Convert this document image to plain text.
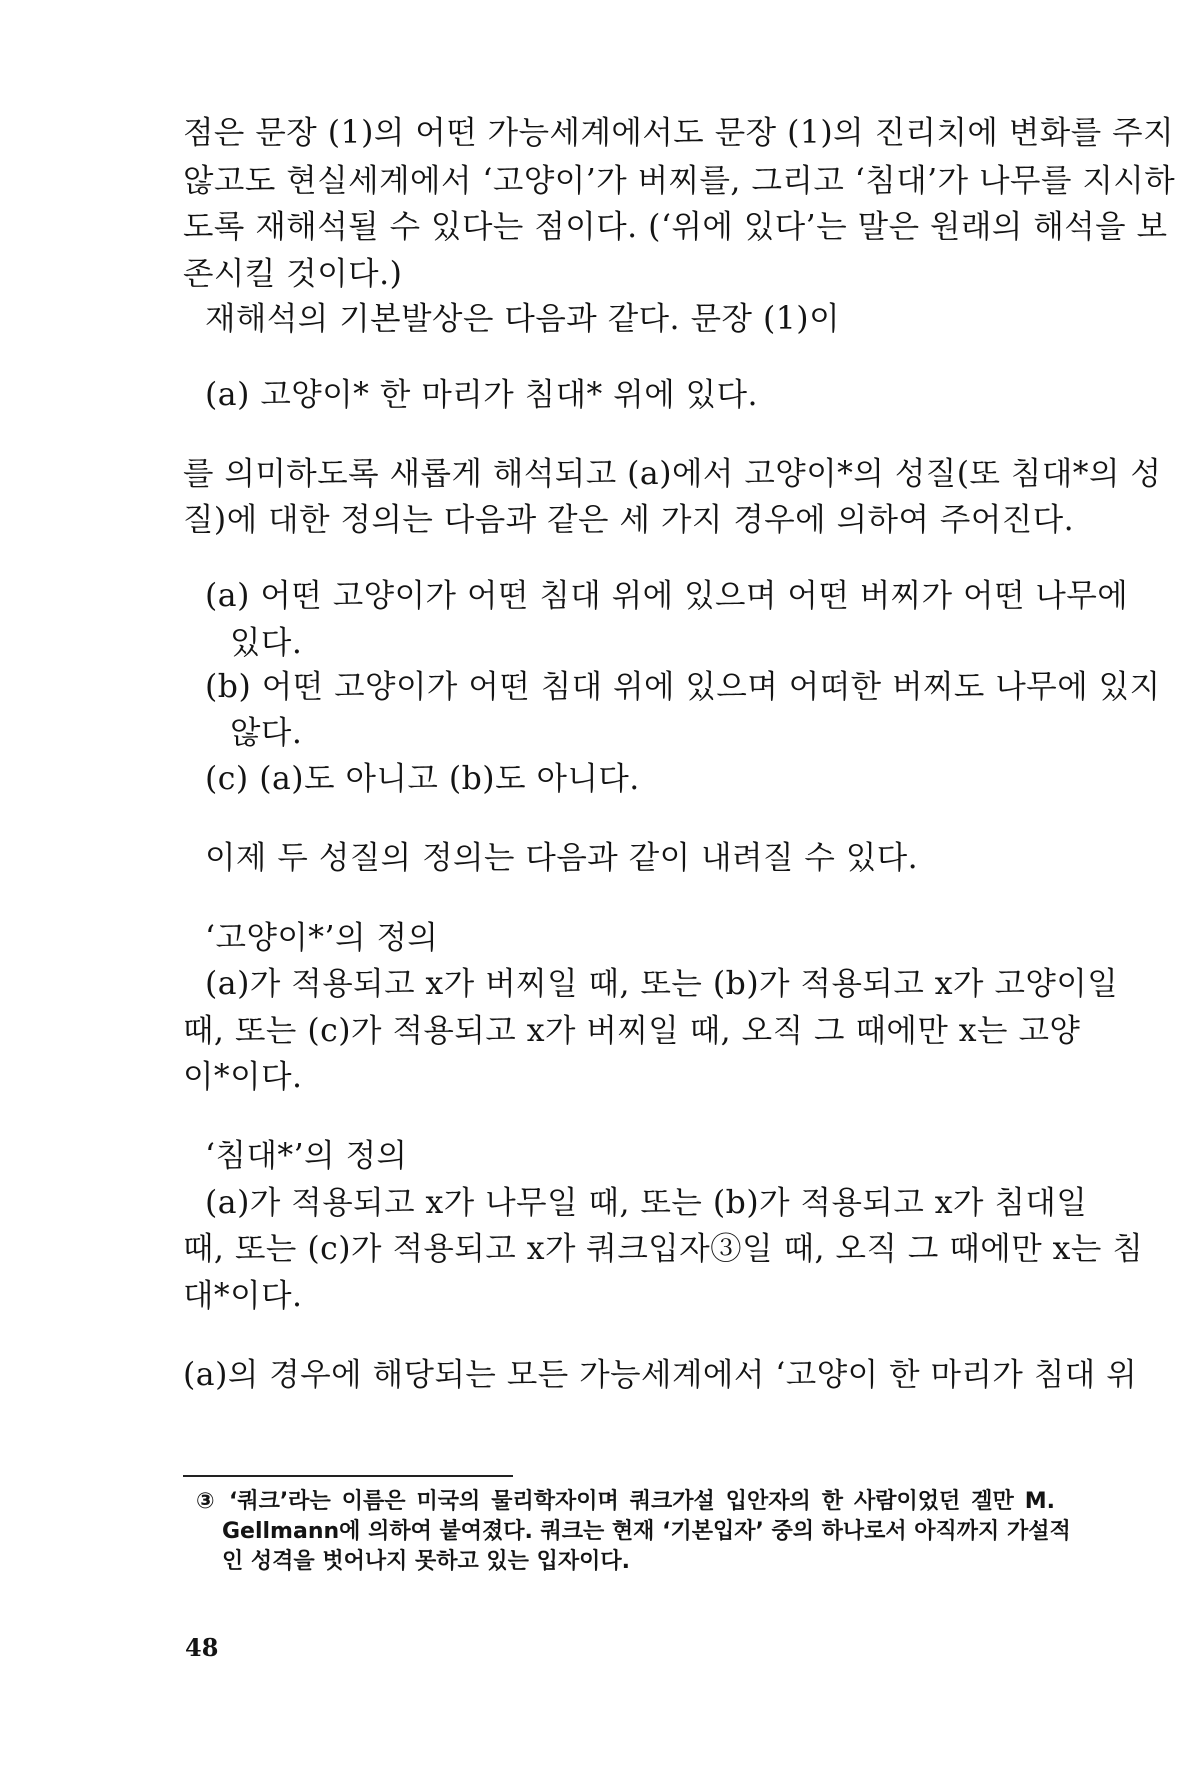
점은 문장 (1)의 어떤 가능세계에서도 문장 (1)의 진리치에 변화를 주지
않고도 현실세계에서 ‘고양이’가 버찌를, 그리고 ‘침대’가 나무를 지시하
도록 재해석될 수 있다는 점이다. (‘위에 있다’는 말은 원래의 해석을 보
존시킬 것이다.)
재해석의 기본발상은 다음과 같다. 문장 (1)이
(a) 고양이* 한 마리가 침대* 위에 있다.
를 의미하도록 새롭게 해석되고 (a)에서 고양이*의 성질(또 침대*의 성
질)에 대한 정의는 다음과 같은 세 가지 경우에 의하여 주어진다.
(a) 어떤 고양이가 어떤 침대 위에 있으며 어떤 버찌가 어떤 나무에
있다.
(b) 어떤 고양이가 어떤 침대 위에 있으며 어떠한 버찌도 나무에 있지
않다.
(c) (a)도 아니고 (b)도 아니다.
이제 두 성질의 정의는 다음과 같이 내려질 수 있다.
‘고양이*’의 정의
(a)가 적용되고 x가 버찌일 때, 또는 (b)가 적용되고 x가 고양이일
때, 또는 (c)가 적용되고 x가 버찌일 때, 오직 그 때에만 x는 고양
이*이다.
‘침대*’의 정의
(a)가 적용되고 x가 나무일 때, 또는 (b)가 적용되고 x가 침대일
때, 또는 (c)가 적용되고 x가 쿼크입자③일 때, 오직 그 때에만 x는 침
대*이다.
(a)의 경우에 해당되는 모든 가능세계에서 ‘고양이 한 마리가 침대 위
③ ‘쿼크’라는 이름은 미국의 물리학자이며 쿼크가설 입안자의 한 사람이었던 겔만 M.
Gellmann에 의하여 붙여졌다. 쿼크는 현재 ‘기본입자’ 중의 하나로서 아직까지 가설적
인 성격을 벗어나지 못하고 있는 입자이다.
48
